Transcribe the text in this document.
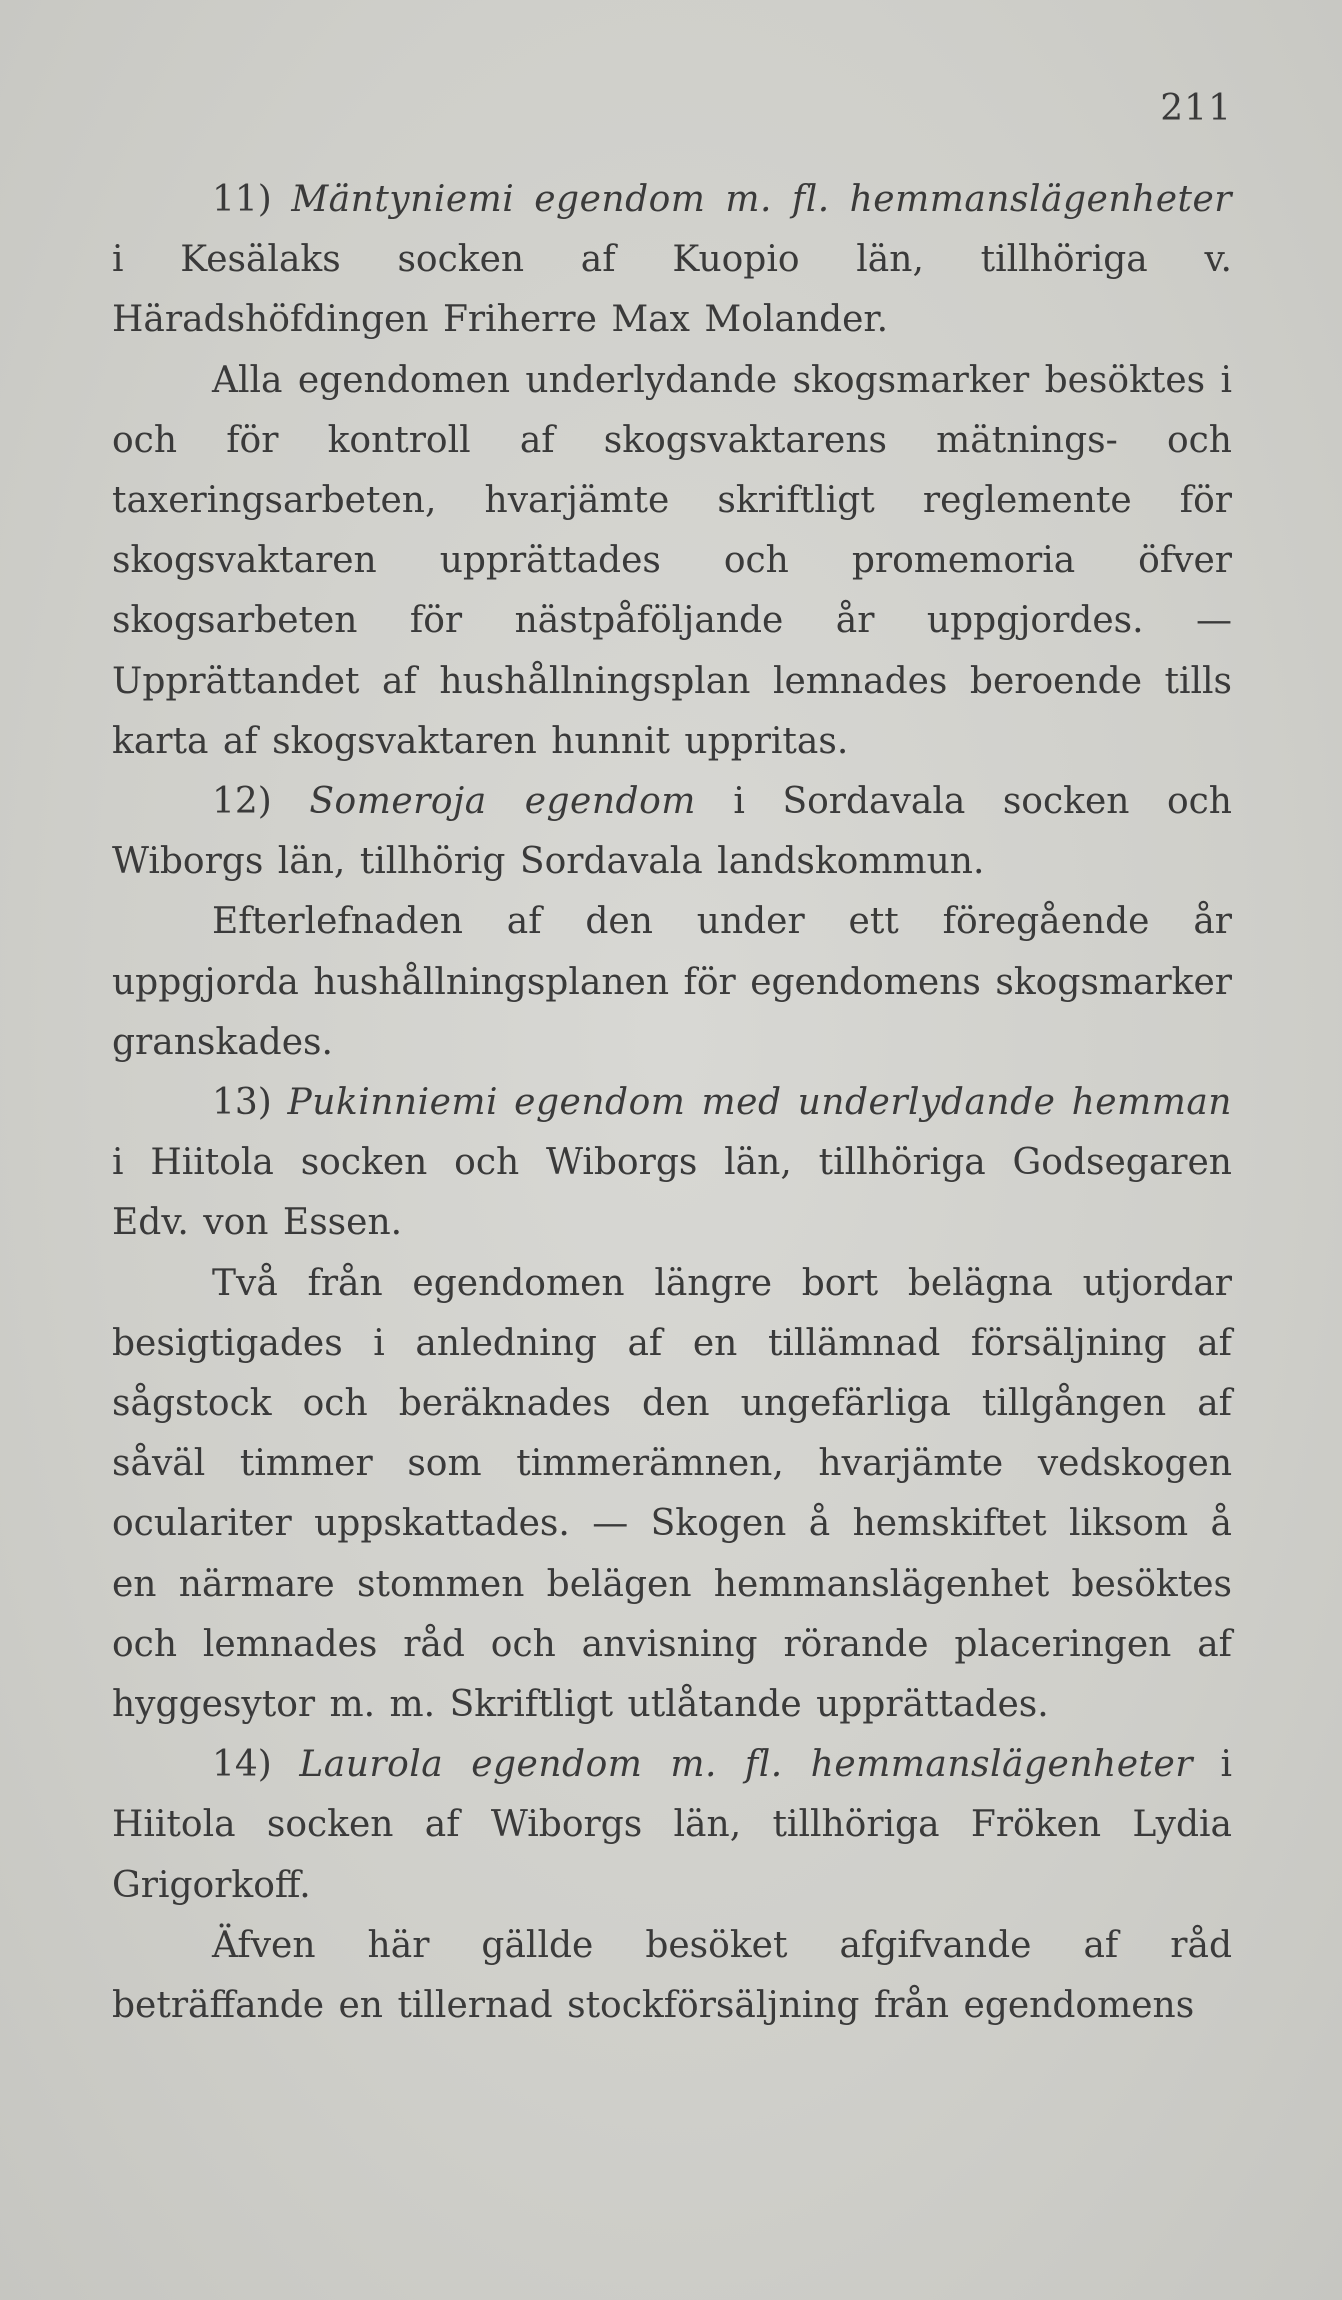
211

11) Mäntyniemi egendom m. fl. hemmanslägenheter i Kesälaks socken af Kuopio län, tillhöriga v. Häradshöfdingen Friherre Max Molander.

Alla egendomen underlydande skogsmarker besöktes i och för kontroll af skogsvaktarens mätnings- och taxeringsarbeten, hvarjämte skriftligt reglemente för skogsvaktaren upprättades och promemoria öfver skogsarbeten för nästpåföljande år uppgjordes. — Upprättandet af hushållningsplan lemnades beroende tills karta af skogsvaktaren hunnit uppritas.

12) Someroja egendom i Sordavala socken och Wiborgs län, tillhörig Sordavala landskommun.

Efterlefnaden af den under ett föregående år uppgjorda hushållningsplanen för egendomens skogsmarker granskades.

13) Pukinniemi egendom med underlydande hemman i Hiitola socken och Wiborgs län, tillhöriga Godsegaren Edv. von Essen.

Två från egendomen längre bort belägna utjordar besigtigades i anledning af en tillämnad försäljning af sågstock och beräknades den ungefärliga tillgången af såväl timmer som timmerämnen, hvarjämte vedskogen oculariter uppskattades. — Skogen å hemskiftet liksom å en närmare stommen belägen hemmanslägenhet besöktes och lemnades råd och anvisning rörande placeringen af hyggesytor m. m. Skriftligt utlåtande upprättades.

14) Laurola egendom m. fl. hemmanslägenheter i Hiitola socken af Wiborgs län, tillhöriga Fröken Lydia Grigorkoff.

Äfven här gällde besöket afgifvande af råd beträffande en tillernad stockförsäljning från egendomens
